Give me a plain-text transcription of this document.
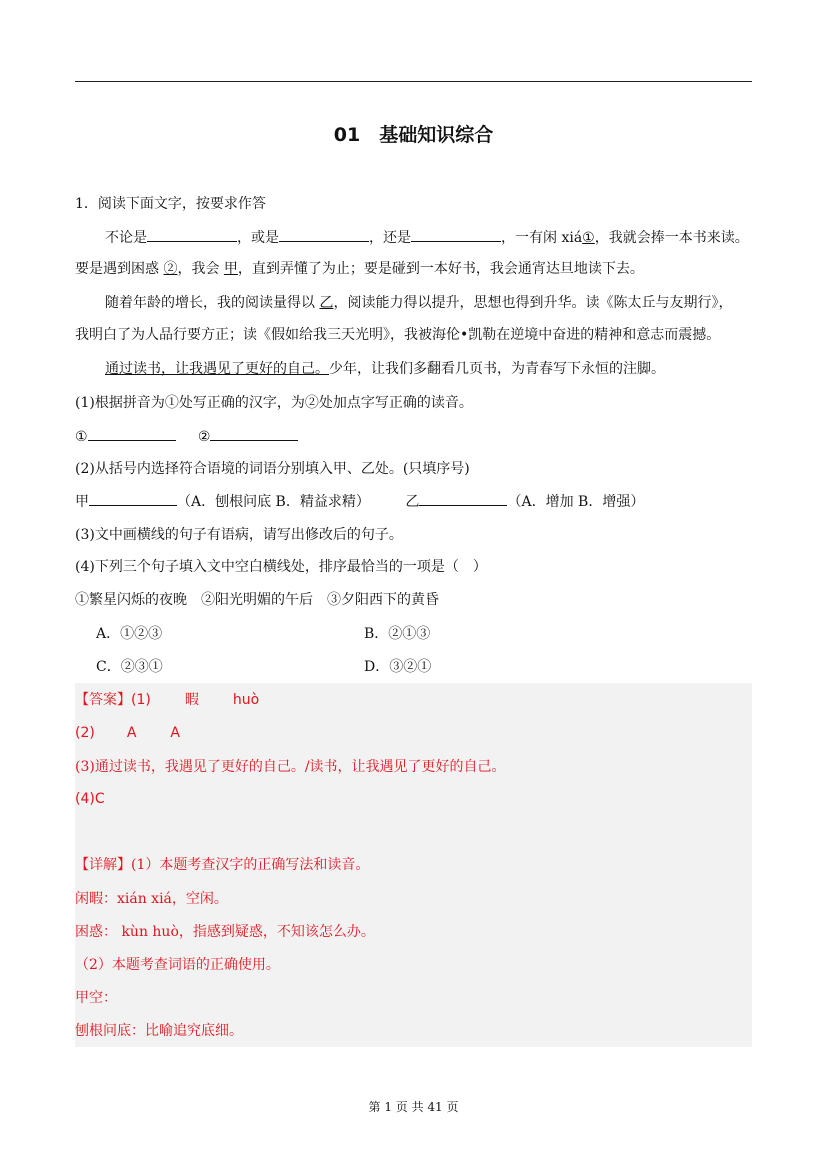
01　基础知识综合
1．阅读下面文字，按要求作答
不论是	，或是	，还是	，一有闲 xiá①，我就会捧一本书来读。
要是遇到困惑 ②，我会 甲，直到弄懂了为止；要是碰到一本好书，我会通宵达旦地读下去。
随着年龄的增长，我的阅读量得以 乙，阅读能力得以提升，思想也得到升华。读《陈太丘与友期行》，
我明白了为人品行要方正；读《假如给我三天光明》，我被海伦•凯勒在逆境中奋进的精神和意志而震撼。
通过读书，让我遇见了更好的自己。少年，让我们多翻看几页书，为青春写下永恒的注脚。
(1)根据拼音为①处写正确的汉字，为②处加点字写正确的读音。
①	②
(2)从括号内选择符合语境的词语分别填入甲、乙处。(只填序号)
甲	（A．刨根问底 B．精益求精）	乙	（A．增加 B．增强）
(3)文中画横线的句子有语病，请写出修改后的句子。
(4)下列三个句子填入文中空白横线处，排序最恰当的一项是（　）
①繁星闪烁的夜晚　②阳光明媚的午后　③夕阳西下的黄昏
A．①②③	B．②①③
C．②③①	D．③②①
【答案】(1) 暇 huò
(2) A A
(3)通过读书，我遇见了更好的自己。/读书，让我遇见了更好的自己。
(4)C
【详解】(1）本题考查汉字的正确写法和读音。
闲暇：xián xiá，空闲。
困惑： kùn huò，指感到疑惑，不知该怎么办。
（2）本题考查词语的正确使用。
甲空：
刨根问底：比喻追究底细。
第 1 页 共 41 页
